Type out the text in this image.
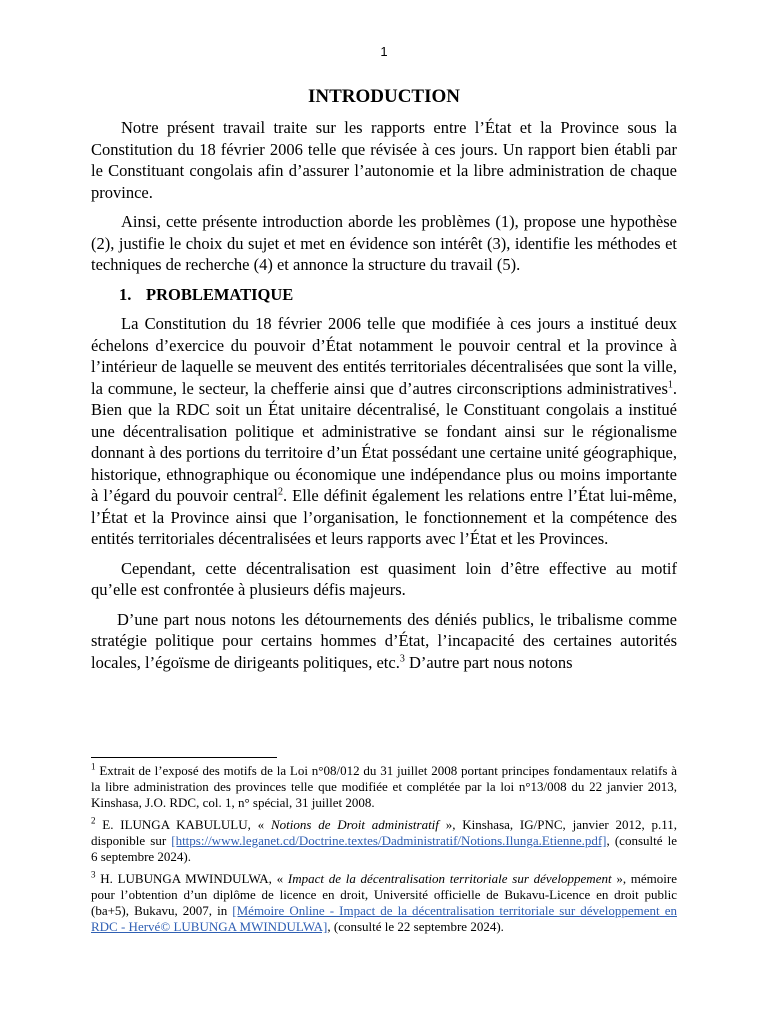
1
INTRODUCTION

Notre présent travail traite sur les rapports entre l’État et la Province sous la Constitution du 18 février 2006 telle que révisée à ces jours. Un rapport bien établi par le Constituant congolais afin d’assurer l’autonomie et la libre administration de chaque province.

Ainsi, cette présente introduction aborde les problèmes (1), propose une hypothèse (2), justifie le choix du sujet et met en évidence son intérêt (3), identifie les méthodes et techniques de recherche (4) et annonce la structure du travail (5).

1. PROBLEMATIQUE

La Constitution du 18 février 2006 telle que modifiée à ces jours a institué deux échelons d’exercice du pouvoir d’État notamment le pouvoir central et la province à l’intérieur de laquelle se meuvent des entités territoriales décentralisées que sont la ville, la commune, le secteur, la chefferie ainsi que d’autres circonscriptions administratives$^1$. Bien que la RDC soit un État unitaire décentralisé, le Constituant congolais a institué une décentralisation politique et administrative se fondant ainsi sur le régionalisme donnant à des portions du territoire d’un État possédant une certaine unité géographique, historique, ethnographique ou économique une indépendance plus ou moins importante à l’égard du pouvoir central$^2$. Elle définit également les relations entre l’État lui-même, l’État et la Province ainsi que l’organisation, le fonctionnement et la compétence des entités territoriales décentralisées et leurs rapports avec l’État et les Provinces.

Cependant, cette décentralisation est quasiment loin d’être effective au motif qu’elle est confrontée à plusieurs défis majeurs.

D’une part nous notons les détournements des déniés publics, le tribalisme comme stratégie politique pour certains hommes d’État, l’incapacité des certaines autorités locales, l’égoïsme de dirigeants politiques, etc.$^3$ D’autre part nous notons

$^1$ Extrait de l’exposé des motifs de la Loi n°08/012 du 31 juillet 2008 portant principes fondamentaux relatifs à la libre administration des provinces telle que modifiée et complétée par la loi n°13/008 du 22 janvier 2013, Kinshasa, J.O. RDC, col. 1, n° spécial, 31 juillet 2008.

$^2$ E. ILUNGA KABULULU, « Notions de Droit administratif », Kinshasa, IG/PNC, janvier 2012, p.11, disponible sur [https://www.leganet.cd/Doctrine.textes/Dadministratif/Notions.Ilunga.Etienne.pdf], (consulté le 6 septembre 2024).

$^3$ H. LUBUNGA MWINDULWA, « Impact de la décentralisation territoriale sur développement », mémoire pour l’obtention d’un diplôme de licence en droit, Université officielle de Bukavu-Licence en droit public (ba+5), Bukavu, 2007, in [Mémoire Online - Impact de la décentralisation territoriale sur développement en RDC - Hervé© LUBUNGA MWINDULWA], (consulté le 22 septembre 2024).
